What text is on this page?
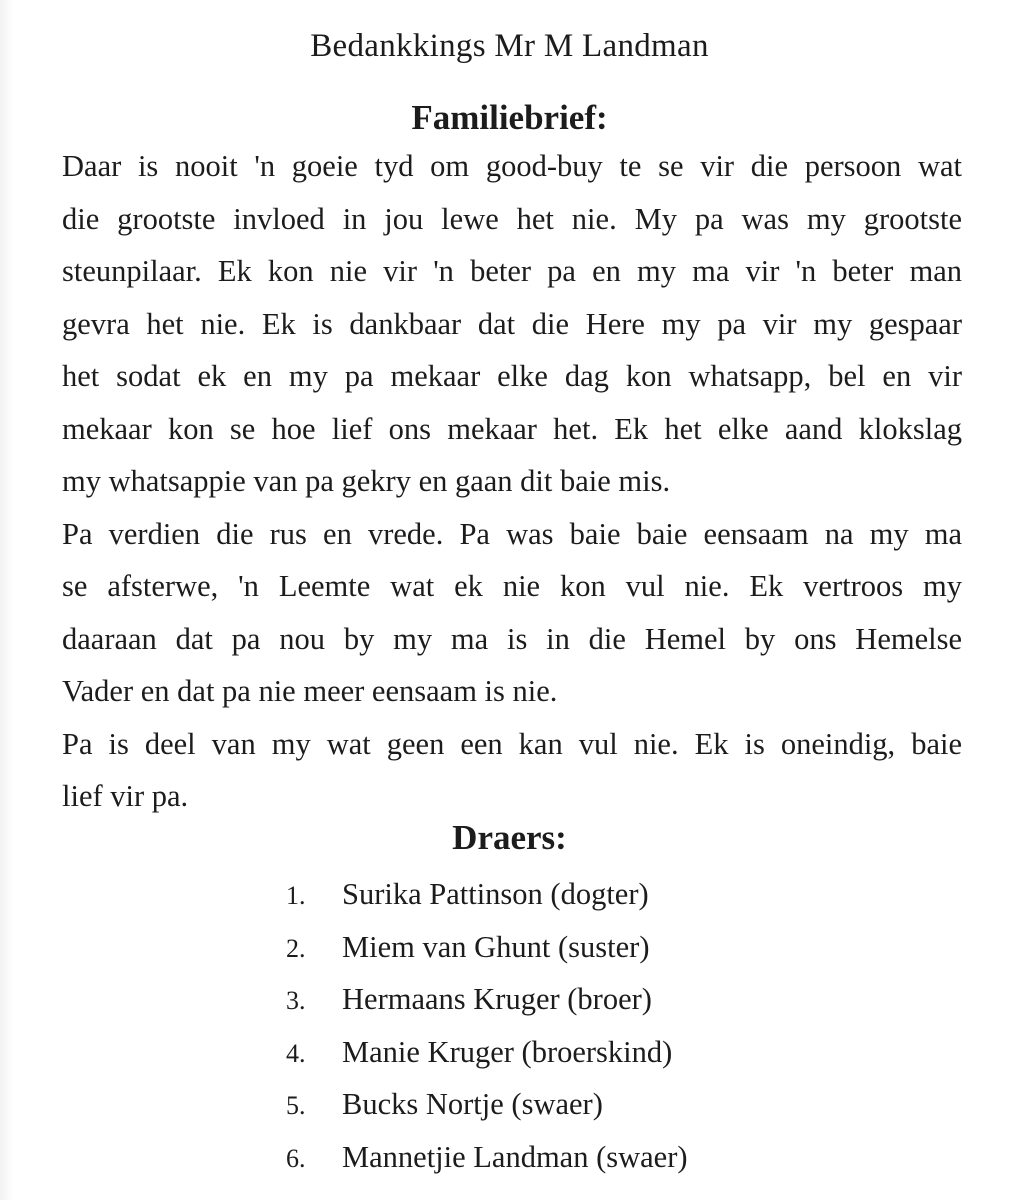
Bedankkings Mr M Landman
Familiebrief:
Daar is nooit 'n goeie tyd om good-buy te se vir die persoon wat
die grootste invloed in jou lewe het nie. My pa was my grootste
steunpilaar. Ek kon nie vir 'n beter pa en my ma vir 'n beter man
gevra het nie. Ek is dankbaar dat die Here my pa vir my gespaar
het sodat ek en my pa mekaar elke dag kon whatsapp, bel en vir
mekaar kon se hoe lief ons mekaar het. Ek het elke aand klokslag
my whatsappie van pa gekry en gaan dit baie mis.
Pa verdien die rus en vrede. Pa was baie baie eensaam na my ma
se afsterwe, 'n Leemte wat ek nie kon vul nie. Ek vertroos my
daaraan dat pa nou by my ma is in die Hemel by ons Hemelse
Vader en dat pa nie meer eensaam is nie.
Pa is deel van my wat geen een kan vul nie. Ek is oneindig, baie
lief vir pa.
Draers:
1. Surika Pattinson (dogter)
2. Miem van Ghunt (suster)
3. Hermaans Kruger (broer)
4. Manie Kruger (broerskind)
5. Bucks Nortje (swaer)
6. Mannetjie Landman (swaer)
